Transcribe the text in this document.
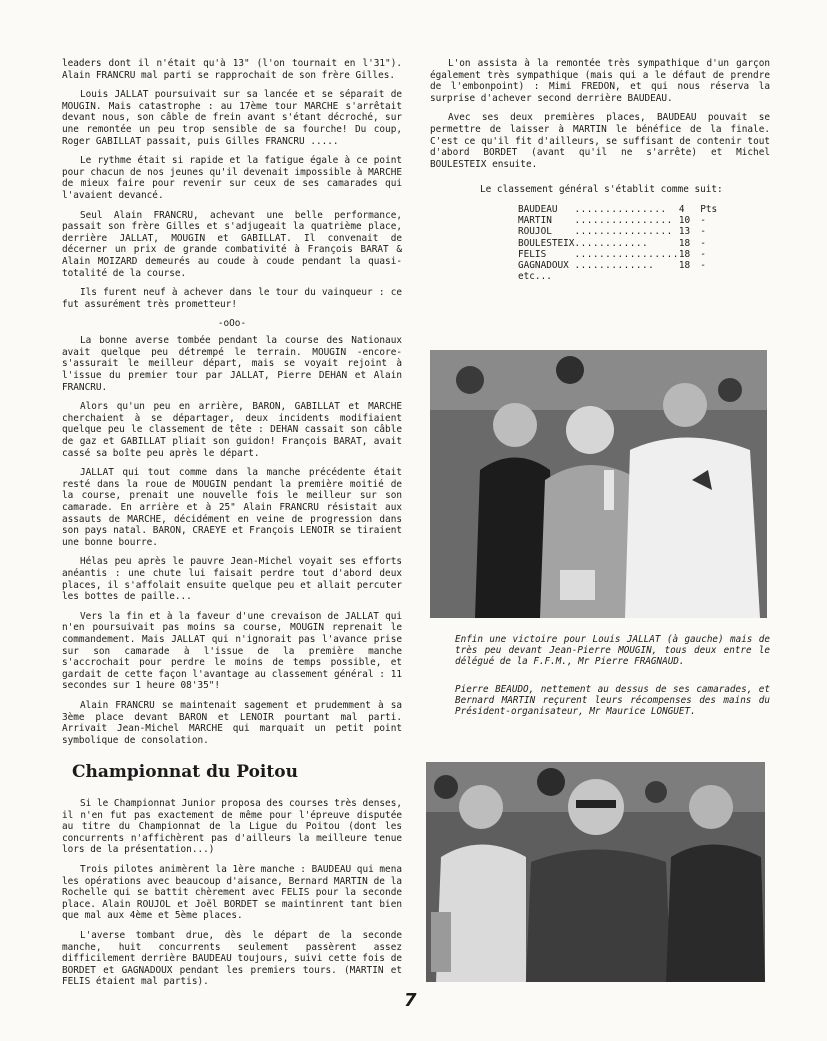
leaders dont il n'était qu'à 13" (l'on tournait en l'31"). Alain FRANCRU mal parti se rapprochait de son frère Gilles.

Louis JALLAT poursuivait sur sa lancée et se séparait de MOUGIN. Mais catastrophe : au 17ème tour MARCHE s'arrêtait devant nous, son câble de frein avant s'étant décroché, sur une remontée un peu trop sensible de sa fourche! Du coup, Roger GABILLAT passait, puis Gilles FRANCRU .....

Le rythme était si rapide et la fatigue égale à ce point pour chacun de nos jeunes qu'il devenait impossible à MARCHE de mieux faire pour revenir sur ceux de ses camarades qui l'avaient devancé.

Seul Alain FRANCRU, achevant une belle performance, passait son frère Gilles et s'adjugeait la quatrième place, derrière JALLAT, MOUGIN et GABILLAT. Il convenait de décerner un prix de grande combativité à François BARAT & Alain MOIZARD demeurés au coude à coude pendant la quasi-totalité de la course.

Ils furent neuf à achever dans le tour du vainqueur : ce fut assurément très prometteur!

-oOo-

La bonne averse tombée pendant la course des Nationaux avait quelque peu détrempé le terrain. MOUGIN -encore- s'assurait le meilleur départ, mais se voyait rejoint à l'issue du premier tour par JALLAT, Pierre DEHAN et Alain FRANCRU.

Alors qu'un peu en arrière, BARON, GABILLAT et MARCHE cherchaient à se départager, deux incidents modifiaient quelque peu le classement de tête : DEHAN cassait son câble de gaz et GABILLAT pliait son guidon! François BARAT, avait cassé sa boîte peu après le départ.

JALLAT qui tout comme dans la manche précédente était resté dans la roue de MOUGIN pendant la première moitié de la course, prenait une nouvelle fois le meilleur sur son camarade. En arrière et à 25" Alain FRANCRU résistait aux assauts de MARCHE, décidément en veine de progression dans son pays natal. BARON, CRAEYE et François LENOIR se tiraient une bonne bourre.

Hélas peu après le pauvre Jean-Michel voyait ses efforts anéantis : une chute lui faisait perdre tout d'abord deux places, il s'affolait ensuite quelque peu et allait percuter les bottes de paille...

Vers la fin et à la faveur d'une crevaison de JALLAT qui n'en poursuivait pas moins sa course, MOUGIN reprenait le commandement. Mais JALLAT qui n'ignorait pas l'avance prise sur son camarade à l'issue de la première manche s'accrochait pour perdre le moins de temps possible, et gardait de cette façon l'avantage au classement général : 11 secondes sur 1 heure 08'35"!

Alain FRANCRU se maintenait sagement et prudemment à sa 3ème place devant BARON et LENOIR pourtant mal parti. Arrivait Jean-Michel MARCHE qui marquait un petit point symbolique de consolation.

Championnat du Poitou

Si le Championnat Junior proposa des courses très denses, il n'en fut pas exactement de même pour l'épreuve disputée au titre du Championnat de la Ligue du Poitou (dont les concurrents n'affichèrent pas d'ailleurs la meilleure tenue lors de la présentation...)

Trois pilotes animèrent la 1ère manche : BAUDEAU qui mena les opérations avec beaucoup d'aisance, Bernard MARTIN de la Rochelle qui se battit chèrement avec FELIS pour la seconde place. Alain ROUJOL et Joël BORDET se maintinrent tant bien que mal aux 4ème et 5ème places.

L'averse tombant drue, dès le départ de la seconde manche, huit concurrents seulement passèrent assez difficilement derrière BAUDEAU toujours, suivi cette fois de BORDET et GAGNADOUX pendant les premiers tours. (MARTIN et FELIS étaient mal partis).

L'on assista à la remontée très sympathique d'un garçon également très sympathique (mais qui a le défaut de prendre de l'embonpoint) : Mimi FREDON, et qui nous réserva la surprise d'achever second derrière BAUDEAU.

Avec ses deux premières places, BAUDEAU pouvait se permettre de laisser à MARTIN le bénéfice de la finale. C'est ce qu'il fit d'ailleurs, se suffisant de contenir tout d'abord BORDET (avant qu'il ne s'arrête) et Michel BOULESTEIX ensuite.

Le classement général s'établit comme suit:

BAUDEAU	...............	4	Pts
MARTIN	................	10	-
ROUJOL	................	13	-
BOULESTEIX	............	18	-
FELIS	.................	18	-
GAGNADOUX	.............	18	-
etc...
Enfin une victoire pour Louis JALLAT (à gauche) mais de très peu devant Jean-Pierre MOUGIN, tous deux entre le délégué de la F.F.M., Mr Pierre FRAGNAUD.
Pierre BEAUDO, nettement au dessus de ses camarades, et Bernard MARTIN reçurent leurs récompenses des mains du Président-organisateur, Mr Maurice LONGUET.
7
